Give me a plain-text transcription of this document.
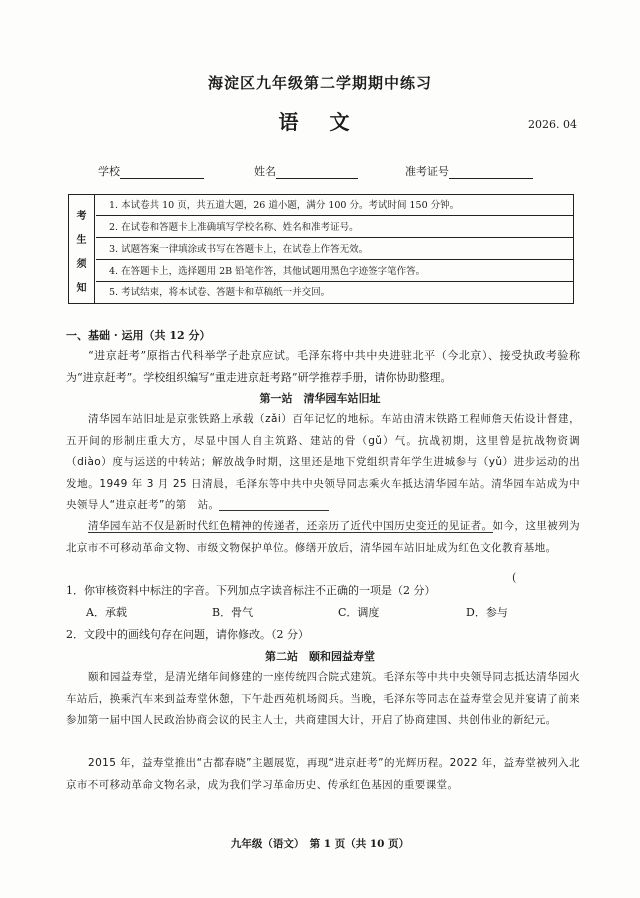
海淀区九年级第二学期期中练习
语 文	2026. 04
学校	姓名	准考证号
考
生
须
知
1. 本试卷共 10 页，共五道大题，26 道小题，满分 100 分。考试时间 150 分钟。
2. 在试卷和答题卡上准确填写学校名称、姓名和准考证号。
3. 试题答案一律填涂或书写在答题卡上，在试卷上作答无效。
4. 在答题卡上，选择题用 2B 铅笔作答，其他试题用黑色字迹签字笔作答。
5. 考试结束，将本试卷、答题卡和草稿纸一并交回。
一、基础 · 运用（共 12 分）
“进京赶考”原指古代科举学子赴京应试。毛泽东将中共中央进驻北平（今北京）、接受执政考验称为“进京赶考”。学校组织编写“重走进京赶考路”研学推荐手册，请你协助整理。
第一站　清华园车站旧址
清华园车站旧址是京张铁路上承载（zǎi）百年记忆的地标。车站由清末铁路工程师詹天佑设计督建，五开间的形制庄重大方，尽显中国人自主筑路、建站的骨（gǔ）气。抗战初期，这里曾是抗战物资调（diào）度与运送的中转站；解放战争时期，这里还是地下党组织青年学生进城参与（yǔ）进步运动的出发地。1949 年 3 月 25 日清晨，毛泽东等中共中央领导同志乘火车抵达清华园车站。清华园车站成为中央领导人“进京赶考”的第　站。
清华园车站不仅是新时代红色精神的传递者，还亲历了近代中国历史变迁的见证者。如今，这里被列为北京市不可移动革命文物、市级文物保护单位。修缮开放后，清华园车站旧址成为红色文化教育基地。
(
1．你审核资料中标注的字音。下列加点字读音标注不正确的一项是（2 分）
A．承载	B．骨气	C．调度	D．参与
2．文段中的画线句存在问题，请你修改。（2 分）
第二站　颐和园益寿堂
颐和园益寿堂，是清光绪年间修建的一座传统四合院式建筑。毛泽东等中共中央领导同志抵达清华园火车站后，换乘汽车来到益寿堂休憩，下午赴西苑机场阅兵。当晚，毛泽东等同志在益寿堂会见并宴请了前来参加第一届中国人民政治协商会议的民主人士，共商建国大计，开启了协商建国、共创伟业的新纪元。
2015 年，益寿堂推出“古都春晓”主题展览，再现“进京赶考”的光辉历程。2022 年，益寿堂被列入北京市不可移动革命文物名录，成为我们学习革命历史、传承红色基因的重要课堂。
九年级（语文）　第 1 页（共 10 页）
